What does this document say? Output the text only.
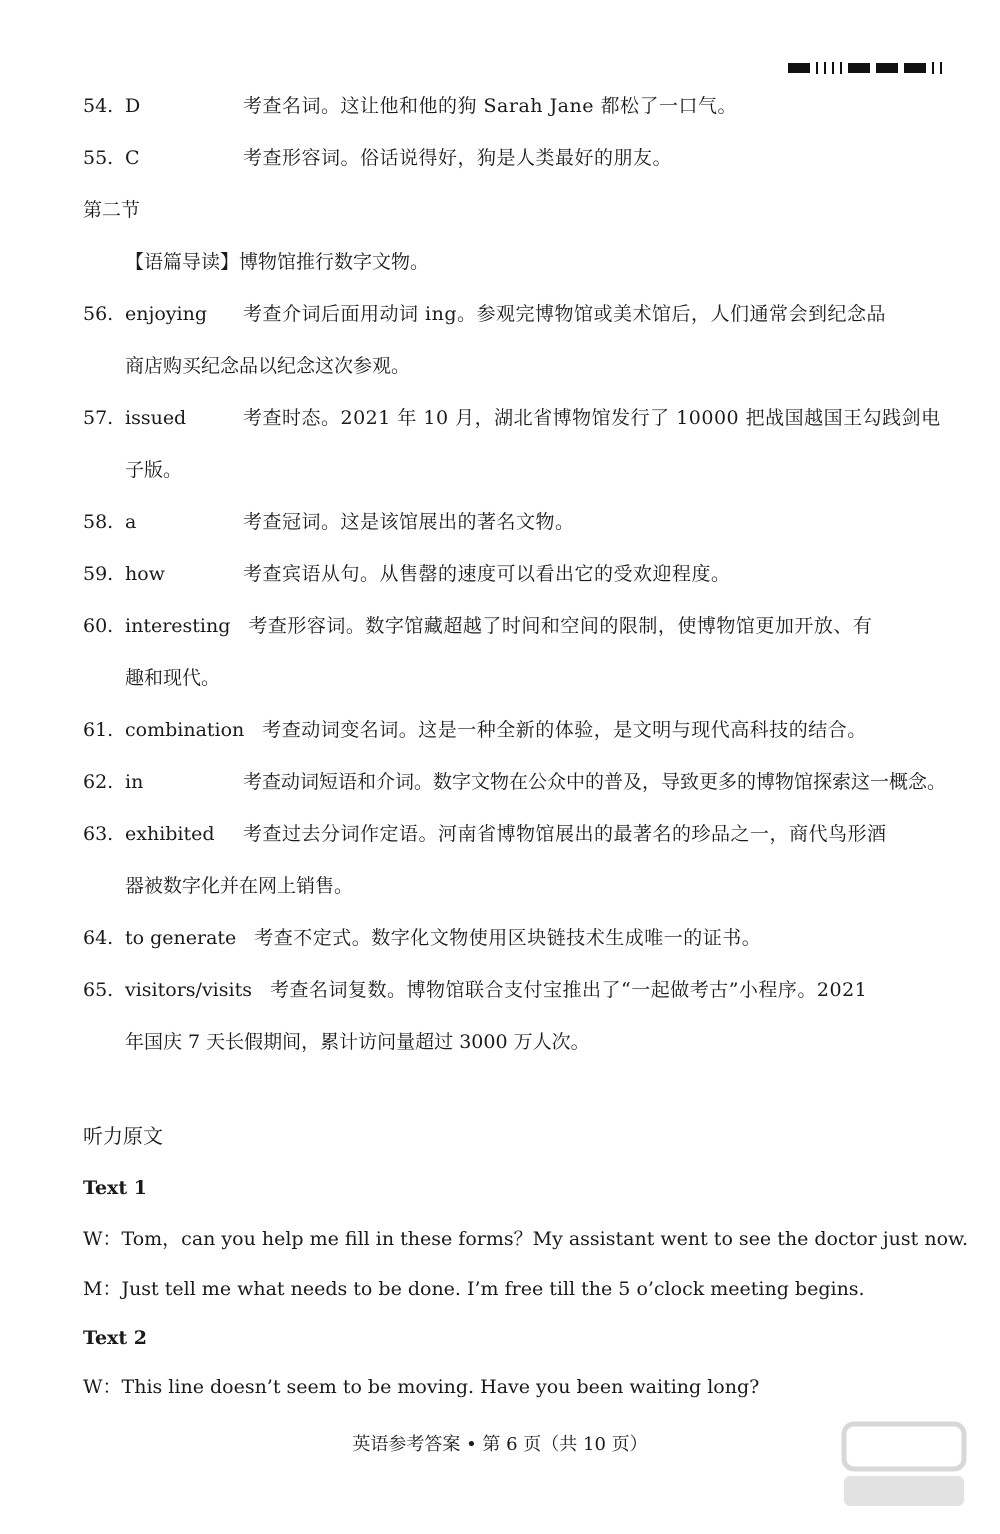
54. D	考查名词。这让他和他的狗 Sarah Jane 都松了一口气。
55. C	考查形容词。俗话说得好，狗是人类最好的朋友。
第二节
【语篇导读】博物馆推行数字文物。
56. enjoying 考查介词后面用动词 ing。参观完博物馆或美术馆后，人们通常会到纪念品
商店购买纪念品以纪念这次参观。
57. issued	考查时态。2021 年 10 月，湖北省博物馆发行了 10000 把战国越国王勾践剑电
子版。
58. a	考查冠词。这是该馆展出的著名文物。
59. how	考查宾语从句。从售罄的速度可以看出它的受欢迎程度。
60. interesting 考查形容词。数字馆藏超越了时间和空间的限制，使博物馆更加开放、有
趣和现代。
61. combination 考查动词变名词。这是一种全新的体验，是文明与现代高科技的结合。
62. in	考查动词短语和介词。数字文物在公众中的普及，导致更多的博物馆探索这一概念。
63. exhibited 考查过去分词作定语。河南省博物馆展出的最著名的珍品之一，商代鸟形酒
器被数字化并在网上销售。
64. to generate 考查不定式。数字化文物使用区块链技术生成唯一的证书。
65. visitors/visits 考查名词复数。博物馆联合支付宝推出了“一起做考古”小程序。2021
年国庆 7 天长假期间，累计访问量超过 3000 万人次。
听力原文
Text 1
W：Tom，can you help me fill in these forms？My assistant went to see the doctor just now.
M：Just tell me what needs to be done. I’m free till the 5 o’clock meeting begins.
Text 2
W：This line doesn’t seem to be moving. Have you been waiting long?
英语参考答案 • 第 6 页（共 10 页）
